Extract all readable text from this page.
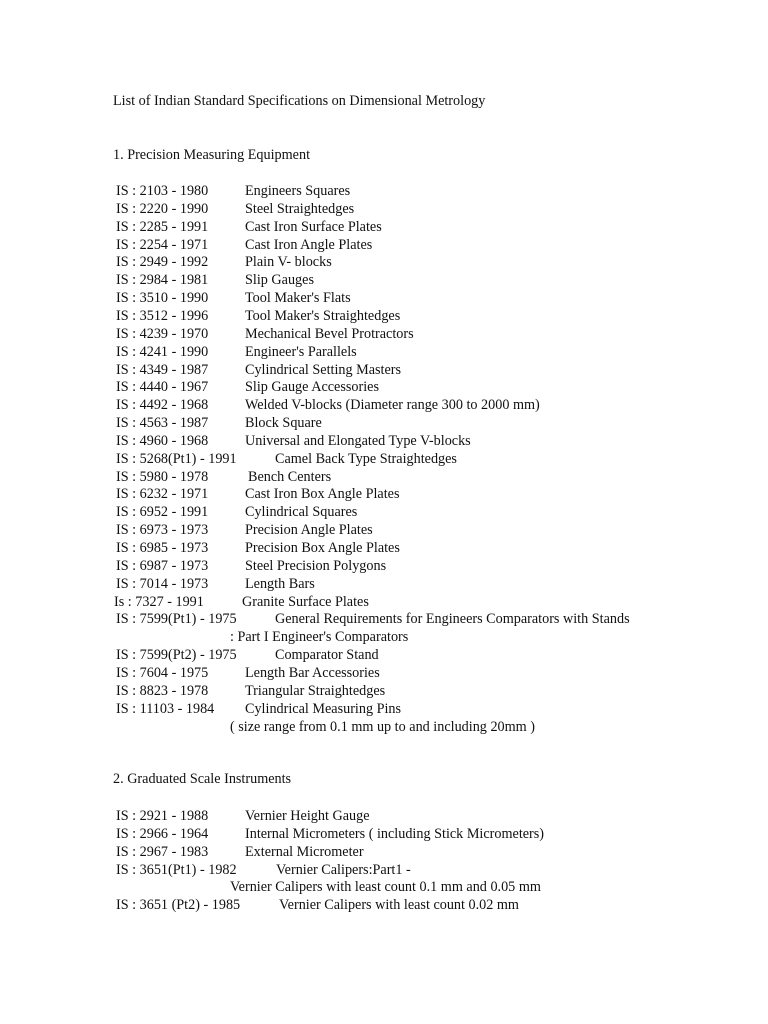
List of Indian Standard Specifications on Dimensional Metrology
1. Precision Measuring Equipment
IS : 2103 - 1980	Engineers Squares
IS : 2220 - 1990	Steel Straightedges
IS : 2285 - 1991	Cast Iron Surface Plates
IS : 2254 - 1971	Cast Iron Angle Plates
IS : 2949 - 1992	Plain V- blocks
IS : 2984 - 1981	Slip Gauges
IS : 3510 - 1990	Tool Maker's Flats
IS : 3512 - 1996	Tool Maker's Straightedges
IS : 4239 - 1970	Mechanical Bevel Protractors
IS : 4241 - 1990	Engineer's Parallels
IS : 4349 - 1987	Cylindrical Setting Masters
IS : 4440 - 1967	Slip Gauge Accessories
IS : 4492 - 1968	Welded V-blocks (Diameter range 300 to 2000 mm)
IS : 4563 - 1987	Block Square
IS : 4960 - 1968	Universal and Elongated Type V-blocks
IS : 5268(Pt1) - 1991	Camel Back Type Straightedges
IS : 5980 - 1978	Bench Centers
IS : 6232 - 1971	Cast Iron Box Angle Plates
IS : 6952 - 1991	Cylindrical Squares
IS : 6973 - 1973	Precision Angle Plates
IS : 6985 - 1973	Precision Box Angle Plates
IS : 6987 - 1973	Steel Precision Polygons
IS : 7014 - 1973	Length Bars
Is : 7327 - 1991	Granite Surface Plates
IS : 7599(Pt1) - 1975	General Requirements for Engineers Comparators with Stands
: Part I Engineer's Comparators
IS : 7599(Pt2) - 1975	Comparator Stand
IS : 7604 - 1975	Length Bar Accessories
IS : 8823 - 1978	Triangular Straightedges
IS : 11103 - 1984 Cylindrical Measuring Pins
( size range from 0.1 mm up to and including 20mm )
2. Graduated Scale Instruments
IS : 2921 - 1988	Vernier Height Gauge
IS : 2966 - 1964	Internal Micrometers ( including Stick Micrometers)
IS : 2967 - 1983	External Micrometer
IS : 3651(Pt1) - 1982	Vernier Calipers:Part1 -
Vernier Calipers with least count 0.1 mm and 0.05 mm
IS : 3651 (Pt2) - 1985	Vernier Calipers with least count 0.02 mm
